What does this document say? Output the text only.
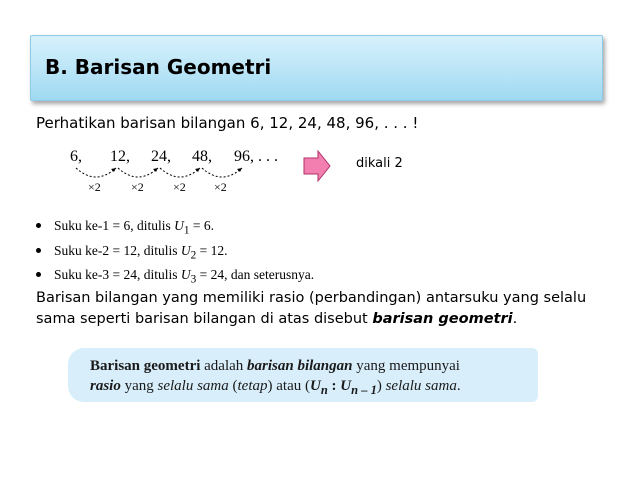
B. Barisan Geometri
Perhatikan barisan bilangan 6, 12, 24, 48, 96, . . . !
6, 12, 24, 48, 96, . . .
×2	×2 ×2 ×2
dikali 2
Suku ke-1 = 6, ditulis $U_1 = 6$.
Suku ke-2 = 12, ditulis $U_2 = 12$.
Suku ke-3 = 24, ditulis $U_3 = 24$, dan seterusnya.
Barisan bilangan yang memiliki rasio (perbandingan) antarsuku yang selalu sama seperti barisan bilangan di atas disebut barisan geometri.
Barisan geometri adalah barisan bilangan yang mempunyai
rasio yang selalu sama (tetap) atau ($U_n$ : $U_{n - 1}$) selalu sama.
